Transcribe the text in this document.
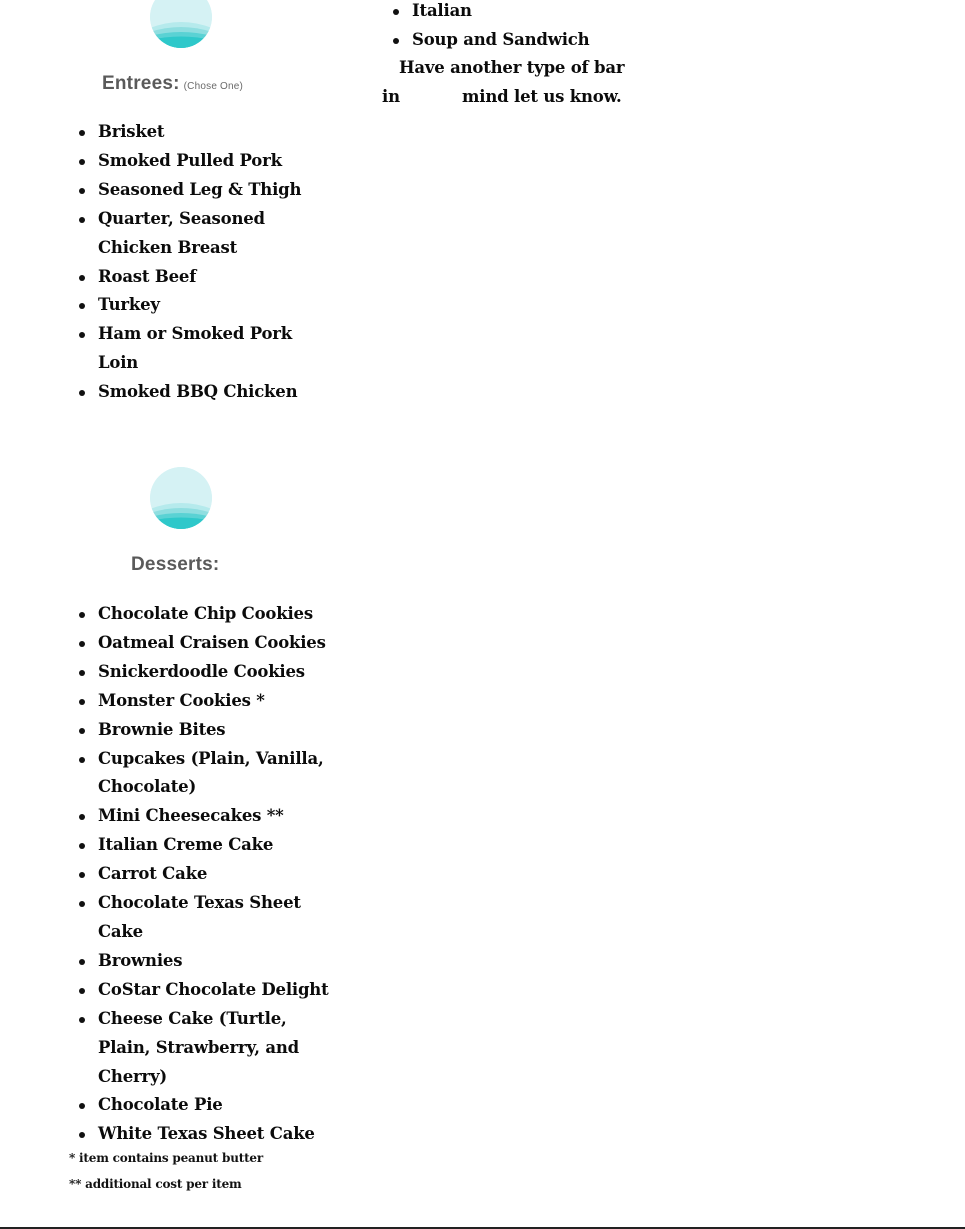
Entrees: (Chose One)
Brisket
Smoked Pulled Pork
Seasoned Leg & Thigh
Quarter, Seasoned
Chicken Breast
Roast Beef
Turkey
Ham or Smoked Pork
Loin
Smoked BBQ Chicken
Desserts:
Chocolate Chip Cookies
Oatmeal Craisen Cookies
Snickerdoodle Cookies
Monster Cookies *
Brownie Bites
Cupcakes (Plain, Vanilla,
Chocolate)
Mini Cheesecakes **
Italian Creme Cake
Carrot Cake
Chocolate Texas Sheet
Cake
Brownies
CoStar Chocolate Delight
Cheese Cake (Turtle,
Plain, Strawberry, and
Cherry)
Chocolate Pie
White Texas Sheet Cake
* item contains peanut butter
** additional cost per item
Italian
Soup and Sandwich
Have another type of bar
in	mind let us know.
